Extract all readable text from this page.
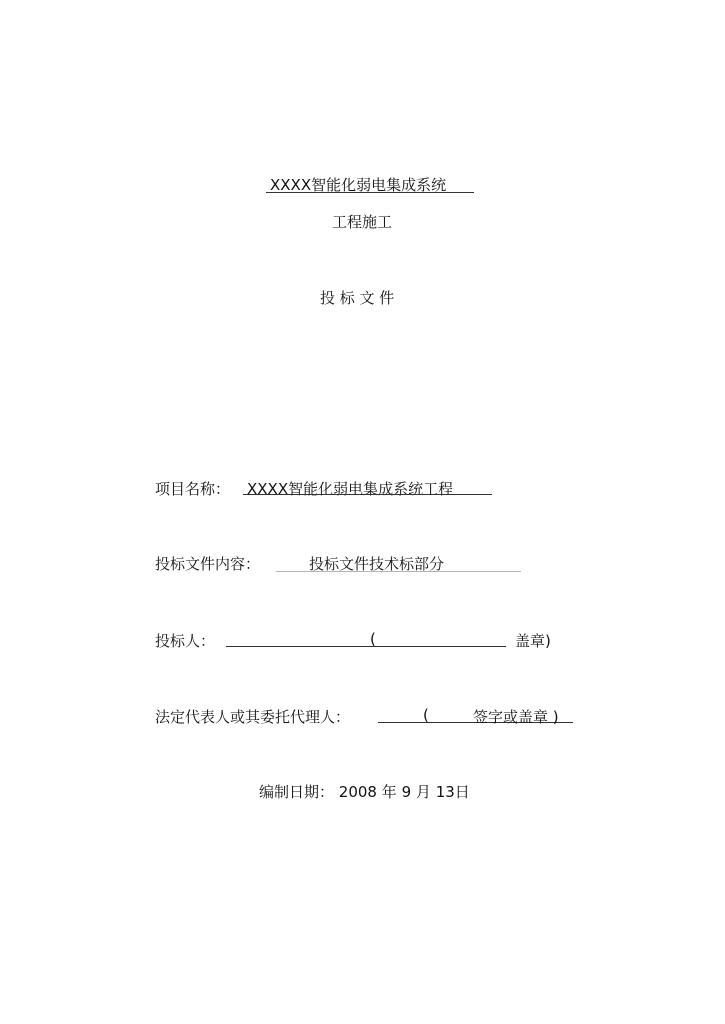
XXXX智能化弱电集成系统
工程施工
投 标 文 件
项目名称： XXXX智能化弱电集成系统工程
投标文件内容：	投标文件技术标部分
投标人：	(	盖章)
法定代表人或其委托代理人：	(	签字或盖章 )
编制日期： 2008 年 9 月 13日
